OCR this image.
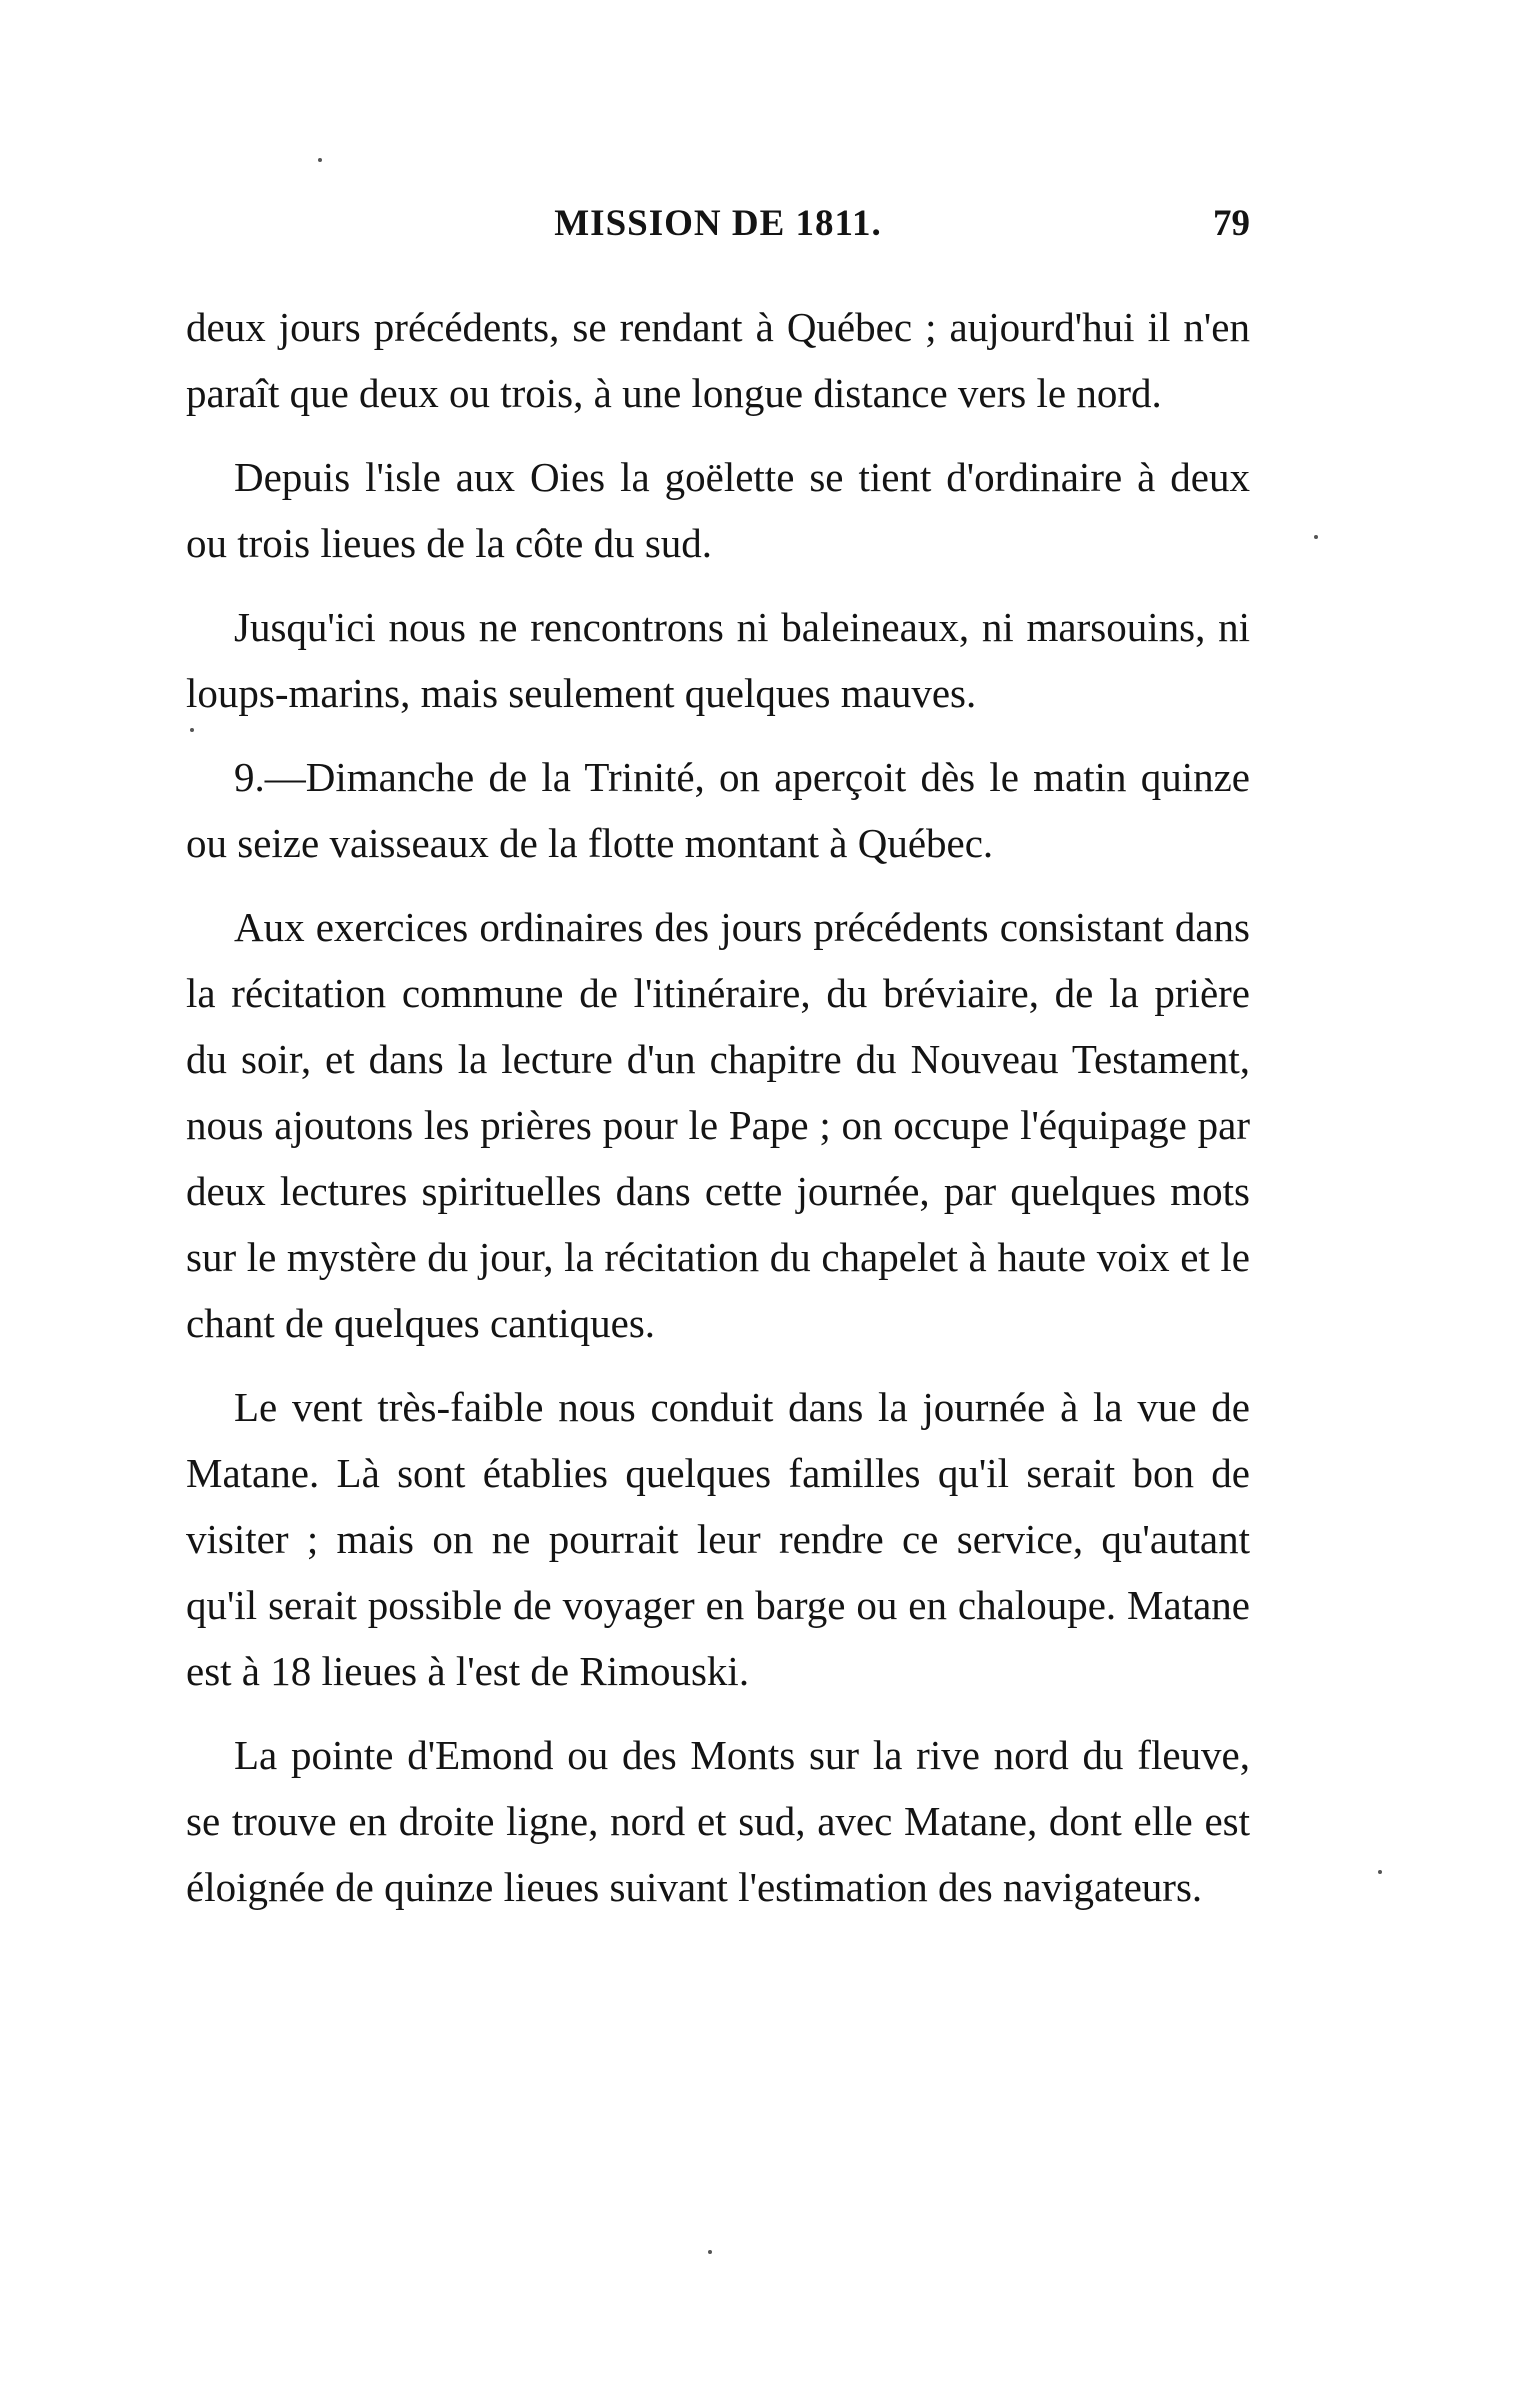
MISSION DE 1811.	79

deux jours précédents, se rendant à Québec ; aujourd'hui il n'en paraît que deux ou trois, à une longue distance vers le nord.

Depuis l'isle aux Oies la goëlette se tient d'ordinaire à deux ou trois lieues de la côte du sud.

Jusqu'ici nous ne rencontrons ni baleineaux, ni marsouins, ni loups-marins, mais seulement quelques mauves.

9.—Dimanche de la Trinité, on aperçoit dès le matin quinze ou seize vaisseaux de la flotte montant à Québec.

Aux exercices ordinaires des jours précédents consistant dans la récitation commune de l'itinéraire, du bréviaire, de la prière du soir, et dans la lecture d'un chapitre du Nouveau Testament, nous ajoutons les prières pour le Pape ; on occupe l'équipage par deux lectures spirituelles dans cette journée, par quelques mots sur le mystère du jour, la récitation du chapelet à haute voix et le chant de quelques cantiques.

Le vent très-faible nous conduit dans la journée à la vue de Matane. Là sont établies quelques familles qu'il serait bon de visiter ; mais on ne pourrait leur rendre ce service, qu'autant qu'il serait possible de voyager en barge ou en chaloupe. Matane est à 18 lieues à l'est de Rimouski.

La pointe d'Emond ou des Monts sur la rive nord du fleuve, se trouve en droite ligne, nord et sud, avec Matane, dont elle est éloignée de quinze lieues suivant l'estimation des navigateurs.
